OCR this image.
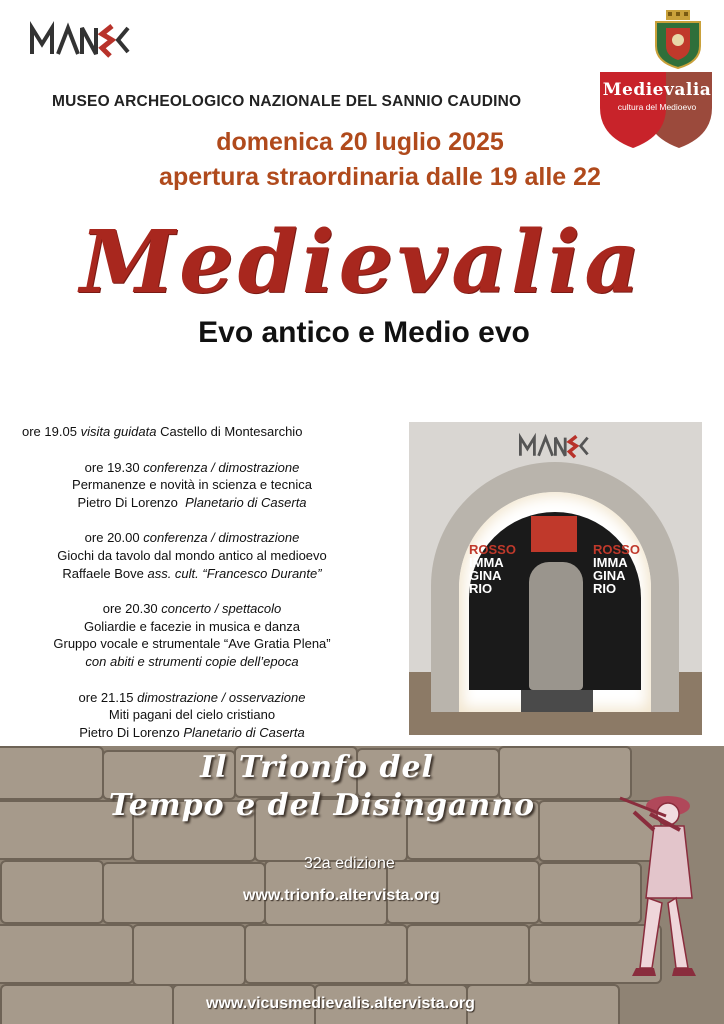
Medievalia
cultura del Medioevo
MUSEO ARCHEOLOGICO NAZIONALE DEL SANNIO CAUDINO
domenica 20 luglio 2025
apertura straordinaria dalle 19 alle 22
Medievalia
Evo antico e Medio evo
ore 19.05 visita guidata Castello di Montesarchio
ore 19.30 conferenza / dimostrazione
Permanenze e novità in scienza e tecnica
Pietro Di Lorenzo Planetario di Caserta
ore 20.00 conferenza / dimostrazione
Giochi da tavolo dal mondo antico al medioevo
Raffaele Bove ass. cult. “Francesco Durante”
ore 20.30 concerto / spettacolo
Goliardie e facezie in musica e danza
Gruppo vocale e strumentale “Ave Gratia Plena”
con abiti e strumenti copie dell’epoca
ore 21.15 dimostrazione / osservazione
Miti pagani del cielo cristiano
Pietro Di Lorenzo Planetario di Caserta
ROSSO
IMMA
GINA
RIO
ROSSO
IMMA
GINA
RIO
Il Trionfo del
Tempo e del Disinganno
32a edizione
www.trionfo.altervista.org
www.vicusmedievalis.altervista.org
